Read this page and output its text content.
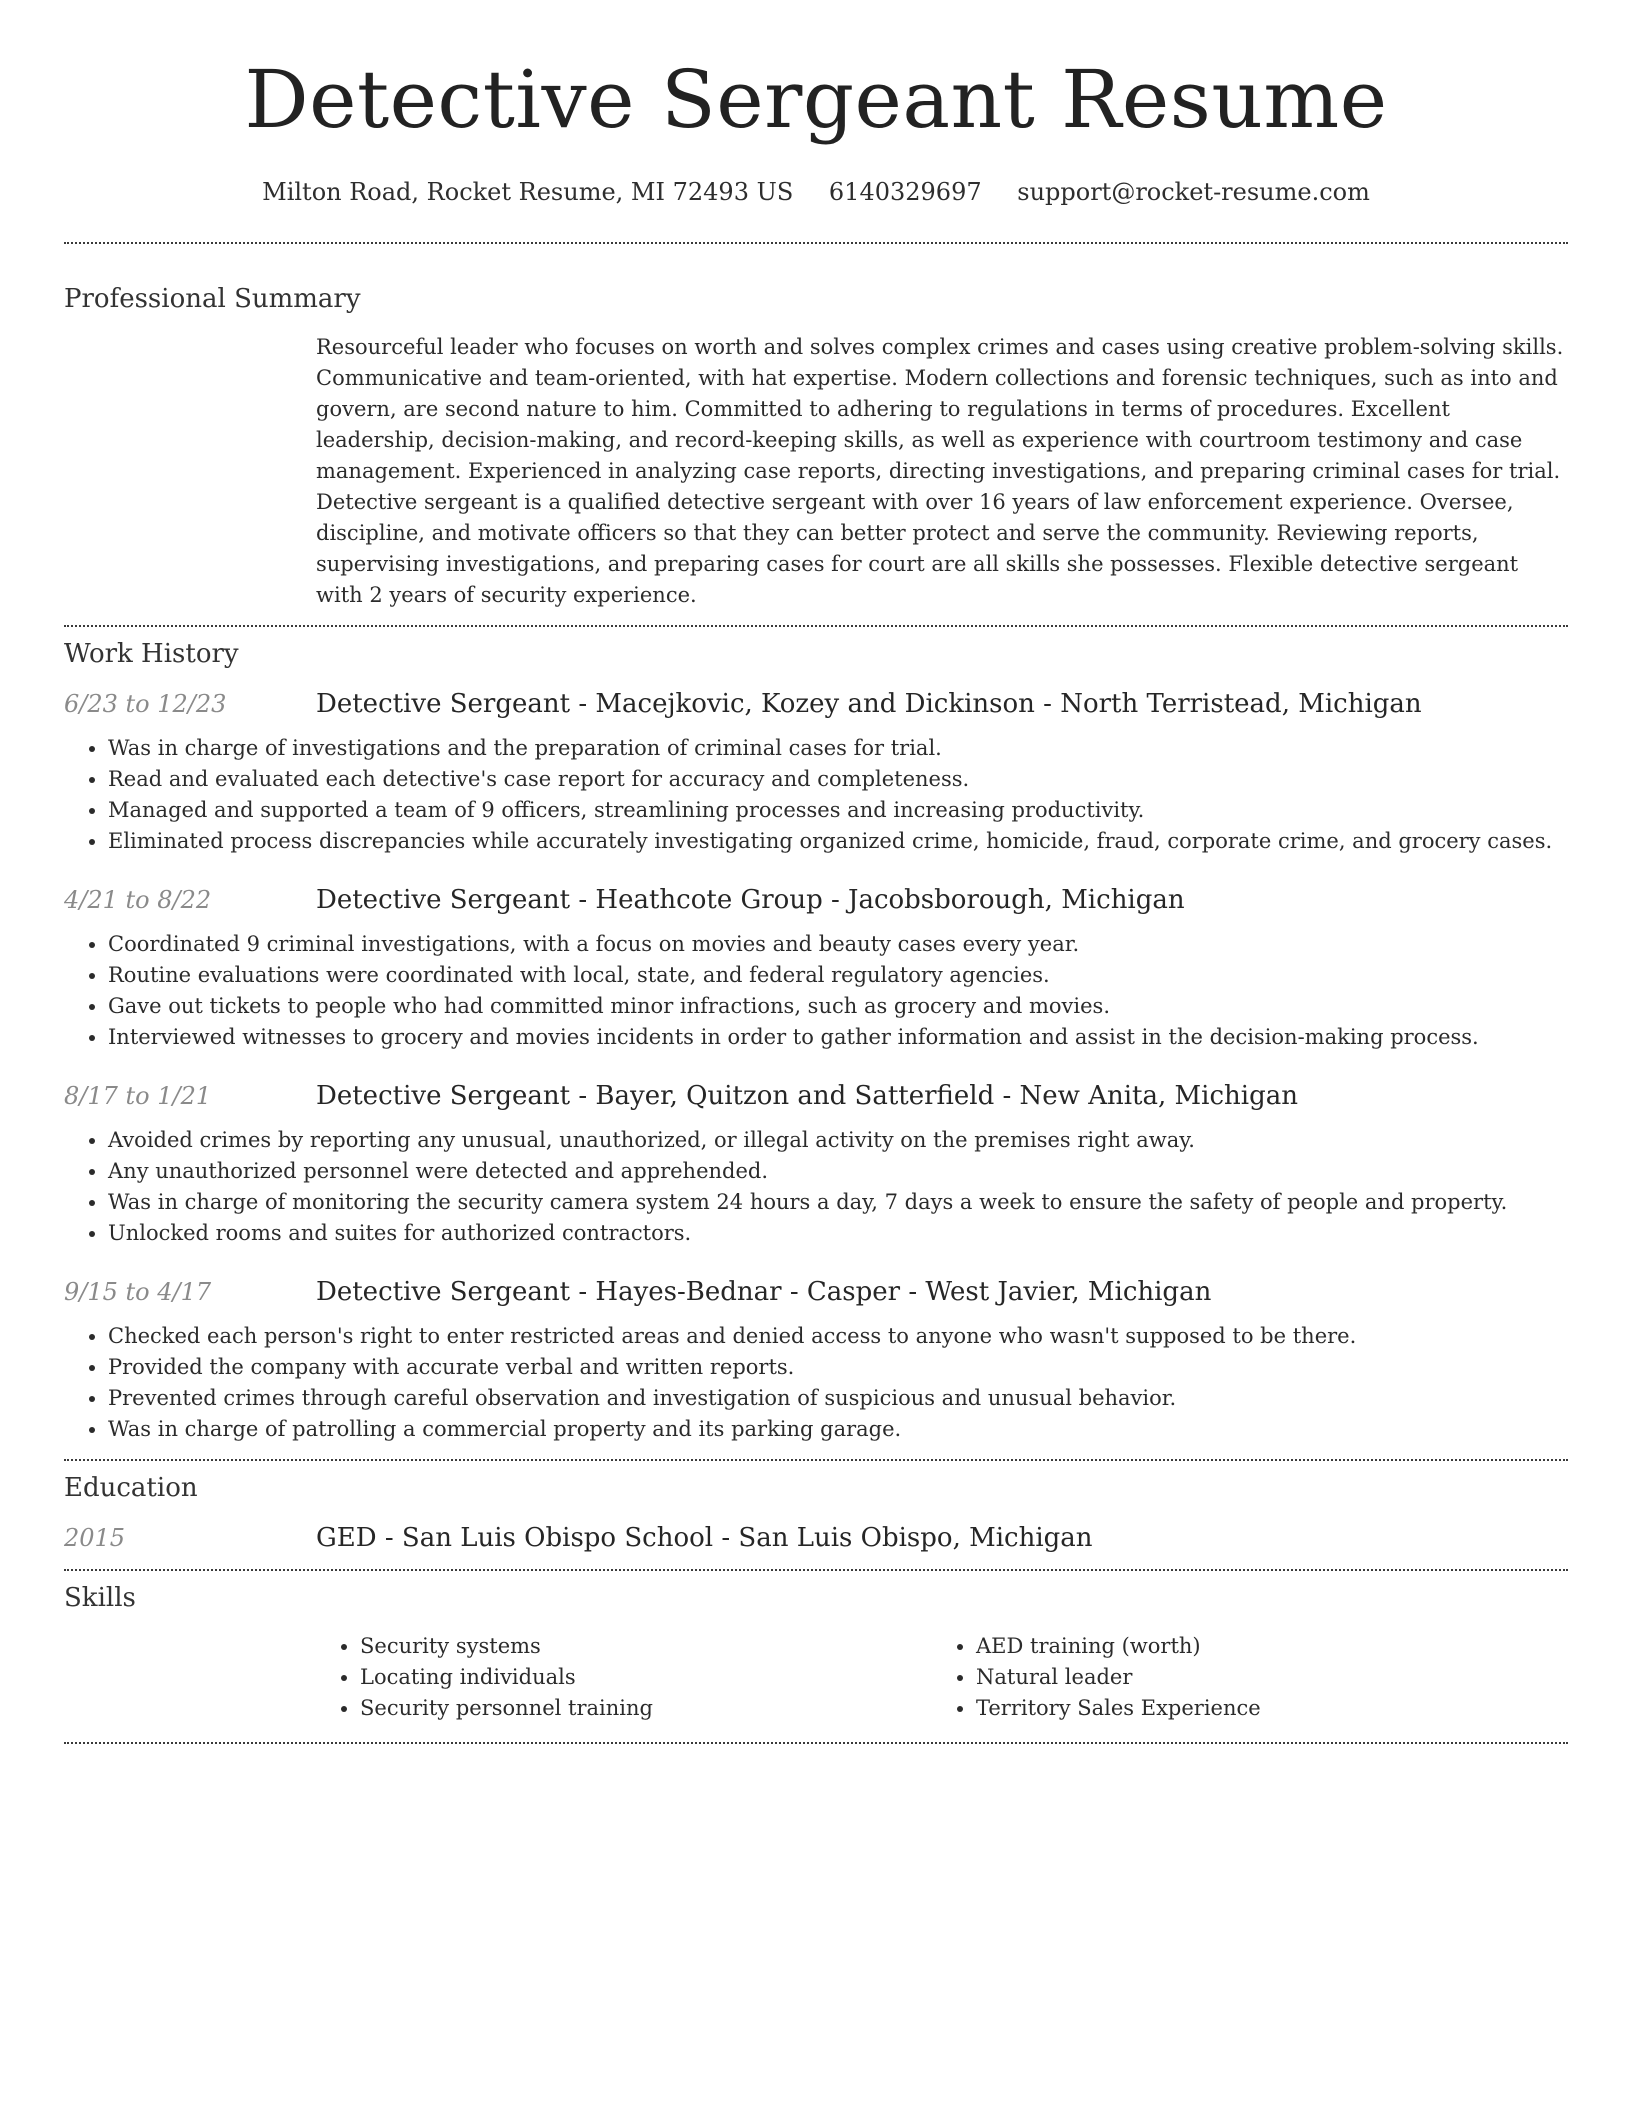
Detective Sergeant Resume
Milton Road, Rocket Resume, MI 72493 US 6140329697 support@rocket-resume.com
Professional Summary
Resourceful leader who focuses on worth and solves complex crimes and cases using creative problem-solving skills. Communicative and team-oriented, with hat expertise. Modern collections and forensic techniques, such as into and govern, are second nature to him. Committed to adhering to regulations in terms of procedures. Excellent leadership, decision-making, and record-keeping skills, as well as experience with courtroom testimony and case management. Experienced in analyzing case reports, directing investigations, and preparing criminal cases for trial. Detective sergeant is a qualified detective sergeant with over 16 years of law enforcement experience. Oversee, discipline, and motivate officers so that they can better protect and serve the community. Reviewing reports, supervising investigations, and preparing cases for court are all skills she possesses. Flexible detective sergeant with 2 years of security experience.
Work History
6/23 to 12/23	Detective Sergeant - Macejkovic, Kozey and Dickinson - North Terristead, Michigan
• Was in charge of investigations and the preparation of criminal cases for trial.
• Read and evaluated each detective's case report for accuracy and completeness.
• Managed and supported a team of 9 officers, streamlining processes and increasing productivity.
• Eliminated process discrepancies while accurately investigating organized crime, homicide, fraud, corporate crime, and grocery cases.
4/21 to 8/22	Detective Sergeant - Heathcote Group - Jacobsborough, Michigan
• Coordinated 9 criminal investigations, with a focus on movies and beauty cases every year.
• Routine evaluations were coordinated with local, state, and federal regulatory agencies.
• Gave out tickets to people who had committed minor infractions, such as grocery and movies.
• Interviewed witnesses to grocery and movies incidents in order to gather information and assist in the decision-making process.
8/17 to 1/21	Detective Sergeant - Bayer, Quitzon and Satterfield - New Anita, Michigan
• Avoided crimes by reporting any unusual, unauthorized, or illegal activity on the premises right away.
• Any unauthorized personnel were detected and apprehended.
• Was in charge of monitoring the security camera system 24 hours a day, 7 days a week to ensure the safety of people and property.
• Unlocked rooms and suites for authorized contractors.
9/15 to 4/17	Detective Sergeant - Hayes-Bednar - Casper - West Javier, Michigan
• Checked each person's right to enter restricted areas and denied access to anyone who wasn't supposed to be there.
• Provided the company with accurate verbal and written reports.
• Prevented crimes through careful observation and investigation of suspicious and unusual behavior.
• Was in charge of patrolling a commercial property and its parking garage.
Education
2015	GED - San Luis Obispo School - San Luis Obispo, Michigan
Skills
• Security systems
• Locating individuals
• Security personnel training
• AED training (worth)
• Natural leader
• Territory Sales Experience
